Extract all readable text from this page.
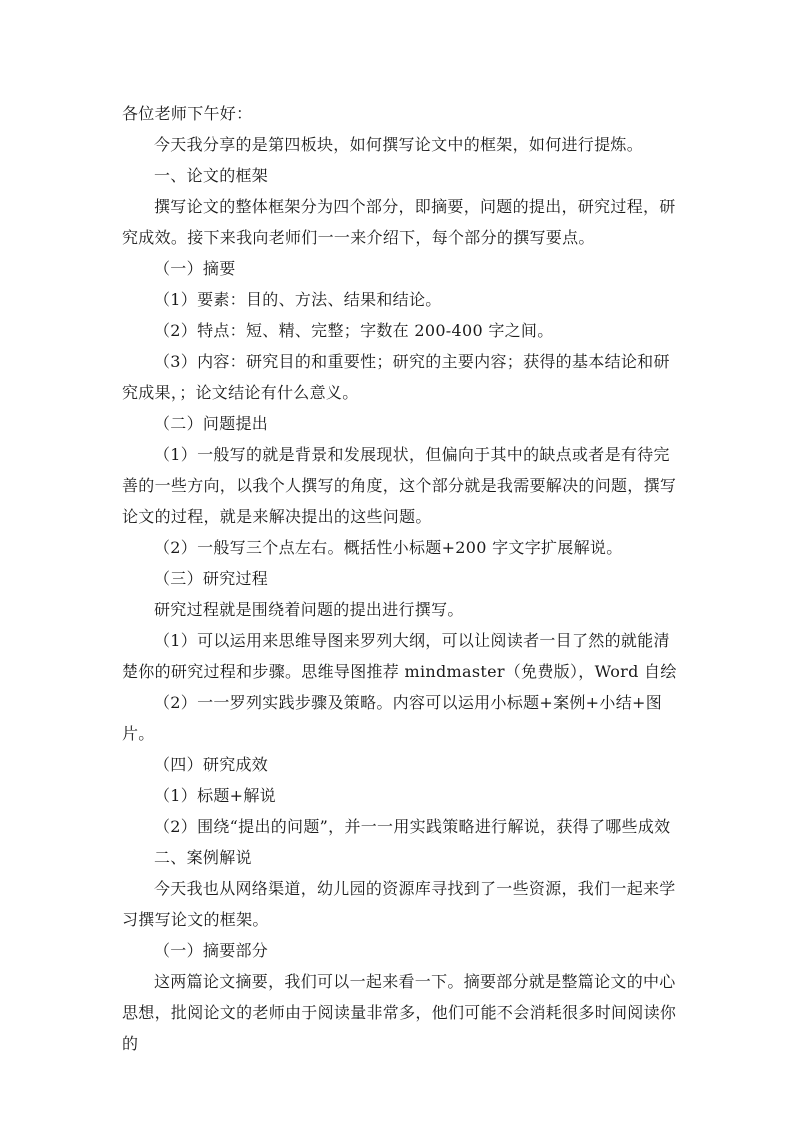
各位老师下午好：

今天我分享的是第四板块，如何撰写论文中的框架，如何进行提炼。

一、论文的框架

撰写论文的整体框架分为四个部分，即摘要，问题的提出，研究过程，研究成效。接下来我向老师们一一来介绍下，每个部分的撰写要点。

（一）摘要

（1）要素：目的、方法、结果和结论。

（2）特点：短、精、完整；字数在 200-400 字之间。

（3）内容：研究目的和重要性；研究的主要内容；获得的基本结论和研究成果，；论文结论有什么意义。

（二）问题提出

（1）一般写的就是背景和发展现状，但偏向于其中的缺点或者是有待完善的一些方向，以我个人撰写的角度，这个部分就是我需要解决的问题，撰写论文的过程，就是来解决提出的这些问题。

（2）一般写三个点左右。概括性小标题+200 字文字扩展解说。

（三）研究过程

研究过程就是围绕着问题的提出进行撰写。

（1）可以运用来思维导图来罗列大纲，可以让阅读者一目了然的就能清楚你的研究过程和步骤。思维导图推荐 mindmaster（免费版），Word 自绘

（2）一一罗列实践步骤及策略。内容可以运用小标题+案例+小结+图片。

（四）研究成效

（1）标题+解说

（2）围绕“提出的问题”，并一一用实践策略进行解说，获得了哪些成效

二、案例解说

今天我也从网络渠道，幼儿园的资源库寻找到了一些资源，我们一起来学习撰写论文的框架。

（一）摘要部分

这两篇论文摘要，我们可以一起来看一下。摘要部分就是整篇论文的中心思想，批阅论文的老师由于阅读量非常多，他们可能不会消耗很多时间阅读你的
